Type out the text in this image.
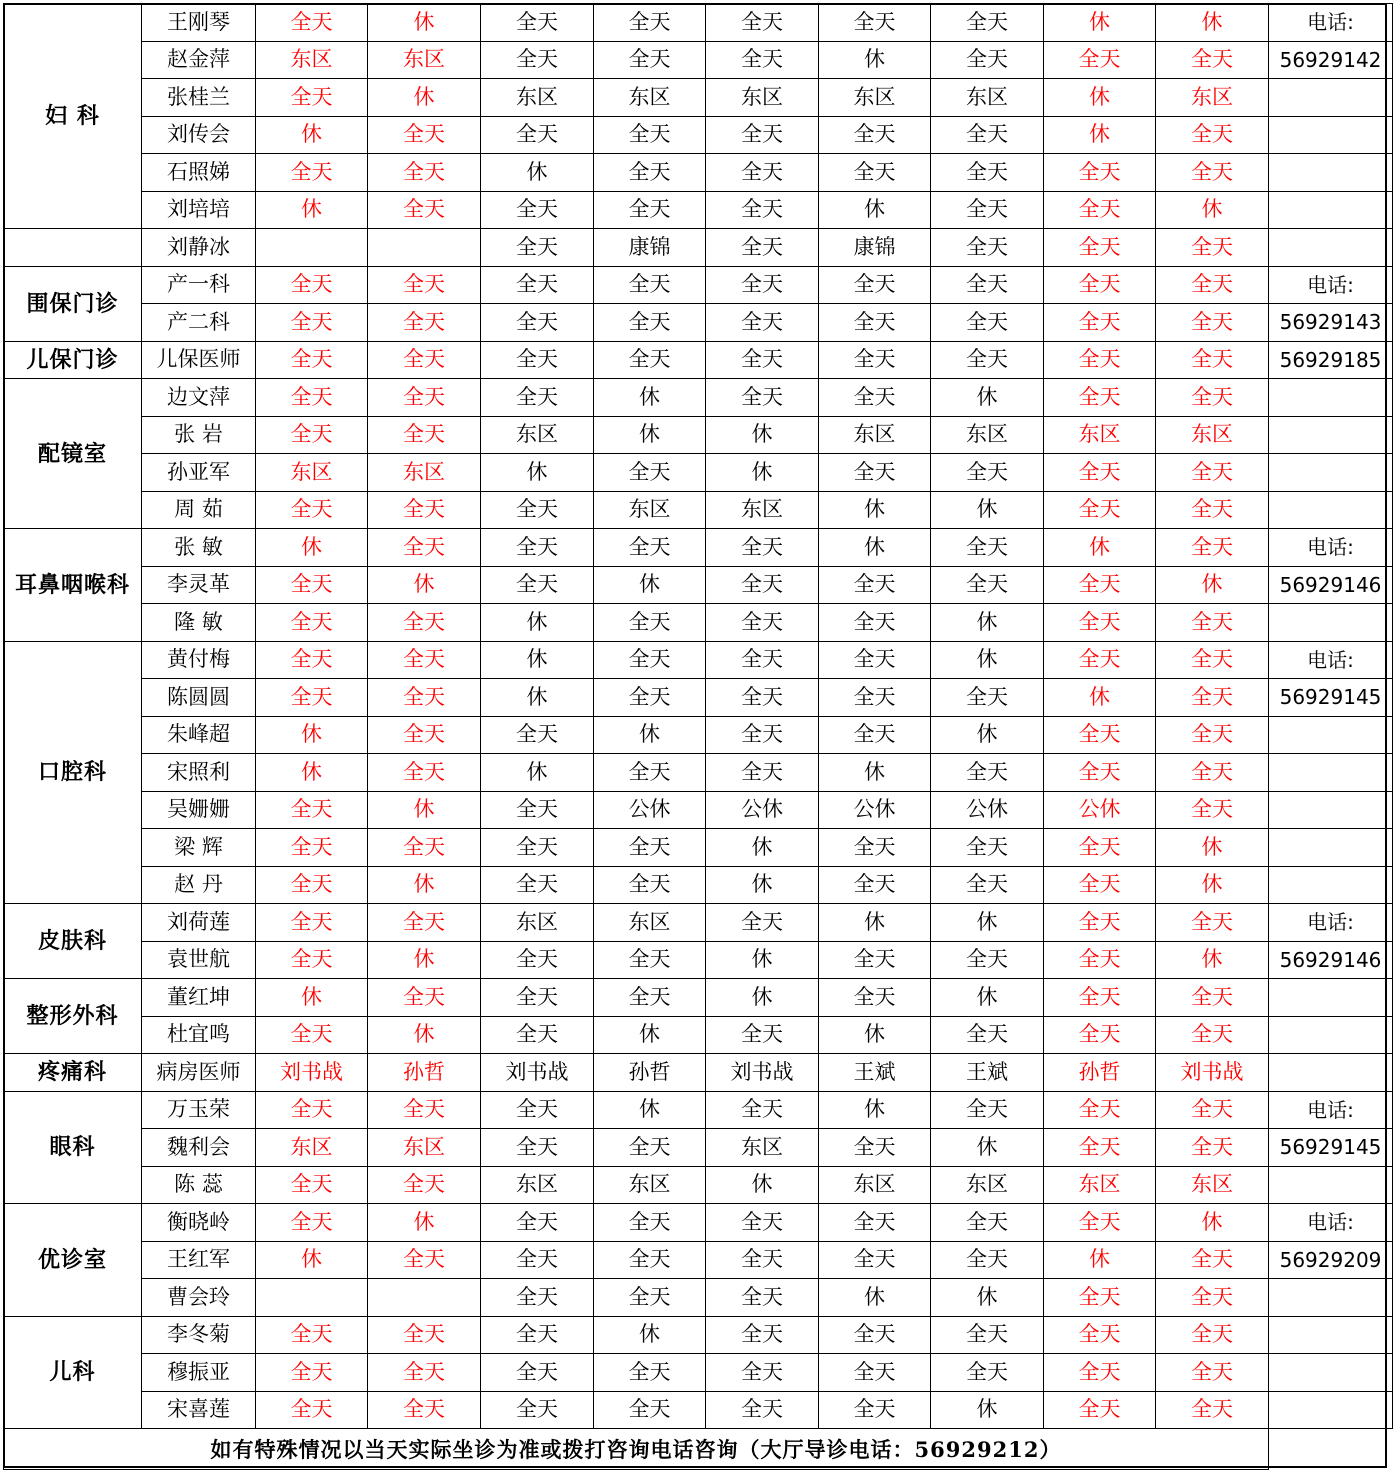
妇 科	王刚琴	全天	休	全天	全天	全天	全天	全天	休	休	电话:
	赵金萍	东区	东区	全天	全天	全天	休	全天	全天	全天	56929142
	张桂兰	全天	休	东区	东区	东区	东区	东区	休	东区	
	刘传会	休	全天	全天	全天	全天	全天	全天	休	全天	
	石照娣	全天	全天	休	全天	全天	全天	全天	全天	全天	
	刘培培	休	全天	全天	全天	全天	休	全天	全天	休	
	刘静冰			全天	康锦	全天	康锦	全天	全天	全天	
围保门诊	产一科	全天	全天	全天	全天	全天	全天	全天	全天	全天	电话:
	产二科	全天	全天	全天	全天	全天	全天	全天	全天	全天	56929143
儿保门诊	儿保医师	全天	全天	全天	全天	全天	全天	全天	全天	全天	56929185
配镜室	边文萍	全天	全天	全天	休	全天	全天	休	全天	全天	
	张 岩	全天	全天	东区	休	休	东区	东区	东区	东区	
	孙亚军	东区	东区	休	全天	休	全天	全天	全天	全天	
	周 茹	全天	全天	全天	东区	东区	休	休	全天	全天	
耳鼻咽喉科	张 敏	休	全天	全天	全天	全天	休	全天	休	全天	电话:
	李灵革	全天	休	全天	休	全天	全天	全天	全天	休	56929146
	隆 敏	全天	全天	休	全天	全天	全天	休	全天	全天	
口腔科	黄付梅	全天	全天	休	全天	全天	全天	休	全天	全天	电话:
	陈圆圆	全天	全天	休	全天	全天	全天	全天	休	全天	56929145
	朱峰超	休	全天	全天	休	全天	全天	休	全天	全天	
	宋照利	休	全天	休	全天	全天	休	全天	全天	全天	
	吴姗姗	全天	休	全天	公休	公休	公休	公休	公休	全天	
	梁 辉	全天	全天	全天	全天	休	全天	全天	全天	休	
	赵 丹	全天	休	全天	全天	休	全天	全天	全天	休	
皮肤科	刘荷莲	全天	全天	东区	东区	全天	休	休	全天	全天	电话:
	袁世航	全天	休	全天	全天	休	全天	全天	全天	休	56929146
整形外科	董红坤	休	全天	全天	全天	休	全天	休	全天	全天	
	杜宜鸣	全天	休	全天	休	全天	休	全天	全天	全天	
疼痛科	病房医师	刘书战	孙哲	刘书战	孙哲	刘书战	王斌	王斌	孙哲	刘书战	
眼科	万玉荣	全天	全天	全天	休	全天	休	全天	全天	全天	电话:
	魏利会	东区	东区	全天	全天	东区	全天	休	全天	全天	56929145
	陈 蕊	全天	全天	东区	东区	休	东区	东区	东区	东区	
优诊室	衡晓岭	全天	休	全天	全天	全天	全天	全天	全天	休	电话:
	王红军	休	全天	全天	全天	全天	全天	全天	休	全天	56929209
	曹会玲			全天	全天	全天	休	休	全天	全天	
儿科	李冬菊	全天	全天	全天	休	全天	全天	全天	全天	全天	
	穆振亚	全天	全天	全天	全天	全天	全天	全天	全天	全天	
	宋喜莲	全天	全天	全天	全天	全天	全天	休	全天	全天	
如有特殊情况以当天实际坐诊为准或拨打咨询电话咨询（大厅导诊电话：56929212）											
